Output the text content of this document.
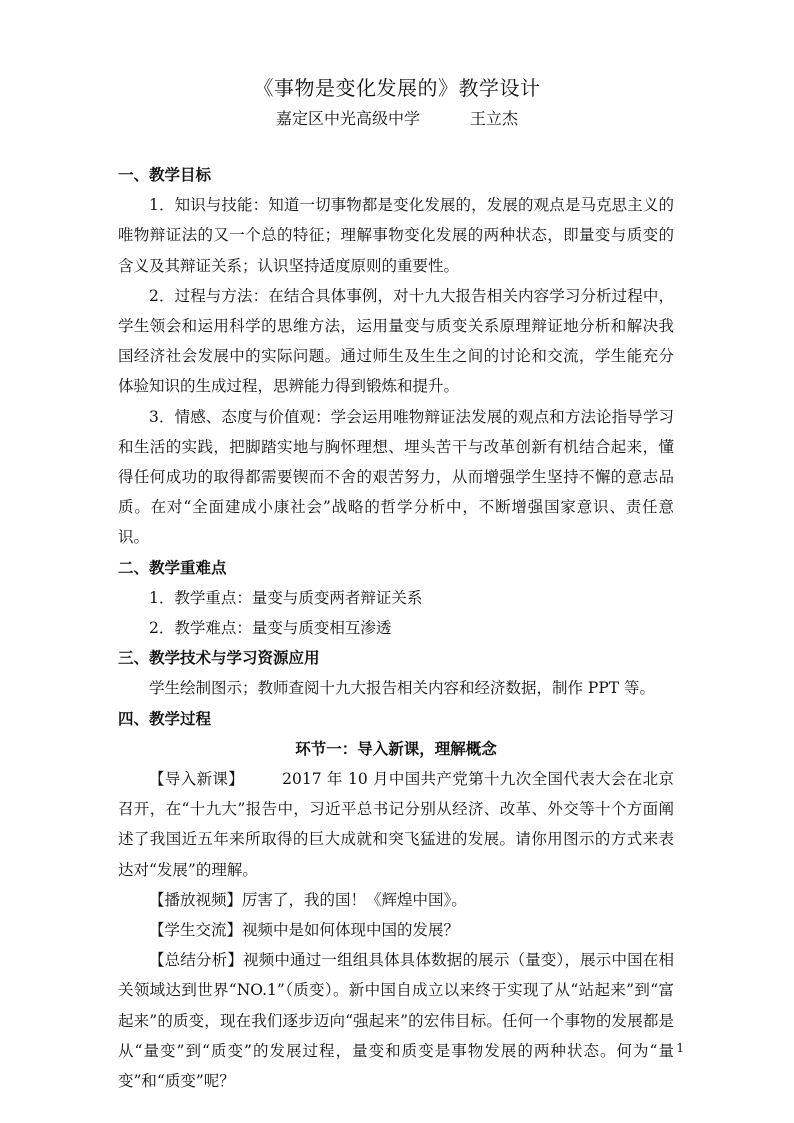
《事物是变化发展的》教学设计
嘉定区中光高级中学	王立杰

一、教学目标

1．知识与技能：知道一切事物都是变化发展的，发展的观点是马克思主义的唯物辩证法的又一个总的特征；理解事物变化发展的两种状态，即量变与质变的含义及其辩证关系；认识坚持适度原则的重要性。

2．过程与方法：在结合具体事例，对十九大报告相关内容学习分析过程中，学生领会和运用科学的思维方法，运用量变与质变关系原理辩证地分析和解决我国经济社会发展中的实际问题。通过师生及生生之间的讨论和交流，学生能充分体验知识的生成过程，思辨能力得到锻炼和提升。

3．情感、态度与价值观：学会运用唯物辩证法发展的观点和方法论指导学习和生活的实践，把脚踏实地与胸怀理想、埋头苦干与改革创新有机结合起来，懂得任何成功的取得都需要锲而不舍的艰苦努力，从而增强学生坚持不懈的意志品质。在对“全面建成小康社会”战略的哲学分析中，不断增强国家意识、责任意识。

二、教学重难点

1．教学重点：量变与质变两者辩证关系

2．教学难点：量变与质变相互渗透

三、教学技术与学习资源应用

学生绘制图示；教师查阅十九大报告相关内容和经济数据，制作 PPT 等。

四、教学过程

环节一：导入新课，理解概念

【导入新课】 2017 年 10 月中国共产党第十九次全国代表大会在北京召开，在“十九大”报告中，习近平总书记分别从经济、改革、外交等十个方面阐述了我国近五年来所取得的巨大成就和突飞猛进的发展。请你用图示的方式来表达对“发展”的理解。

【播放视频】厉害了，我的国！《辉煌中国》。

【学生交流】视频中是如何体现中国的发展？

【总结分析】视频中通过一组组具体具体数据的展示（量变），展示中国在相关领域达到世界“NO.1”（质变）。新中国自成立以来终于实现了从“站起来”到“富起来”的质变，现在我们逐步迈向“强起来”的宏伟目标。任何一个事物的发展都是从“量变”到“质变”的发展过程，量变和质变是事物发展的两种状态。何为“量变”和“质变”呢？

1
